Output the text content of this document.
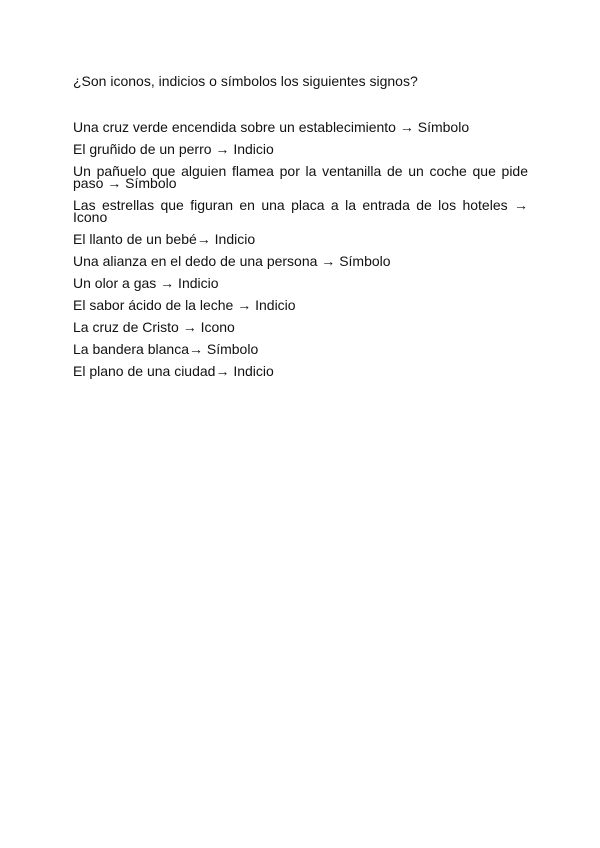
¿Son iconos, indicios o símbolos los siguientes signos?
Una cruz verde encendida sobre un establecimiento → Símbolo
El gruñido de un perro → Indicio
Un pañuelo que alguien flamea por la ventanilla de un coche que pide paso → Símbolo
Las estrellas que figuran en una placa a la entrada de los hoteles → Icono
El llanto de un bebé→ Indicio
Una alianza en el dedo de una persona → Símbolo
Un olor a gas → Indicio
El sabor ácido de la leche → Indicio
La cruz de Cristo → Icono
La bandera blanca→ Símbolo
El plano de una ciudad→ Indicio
